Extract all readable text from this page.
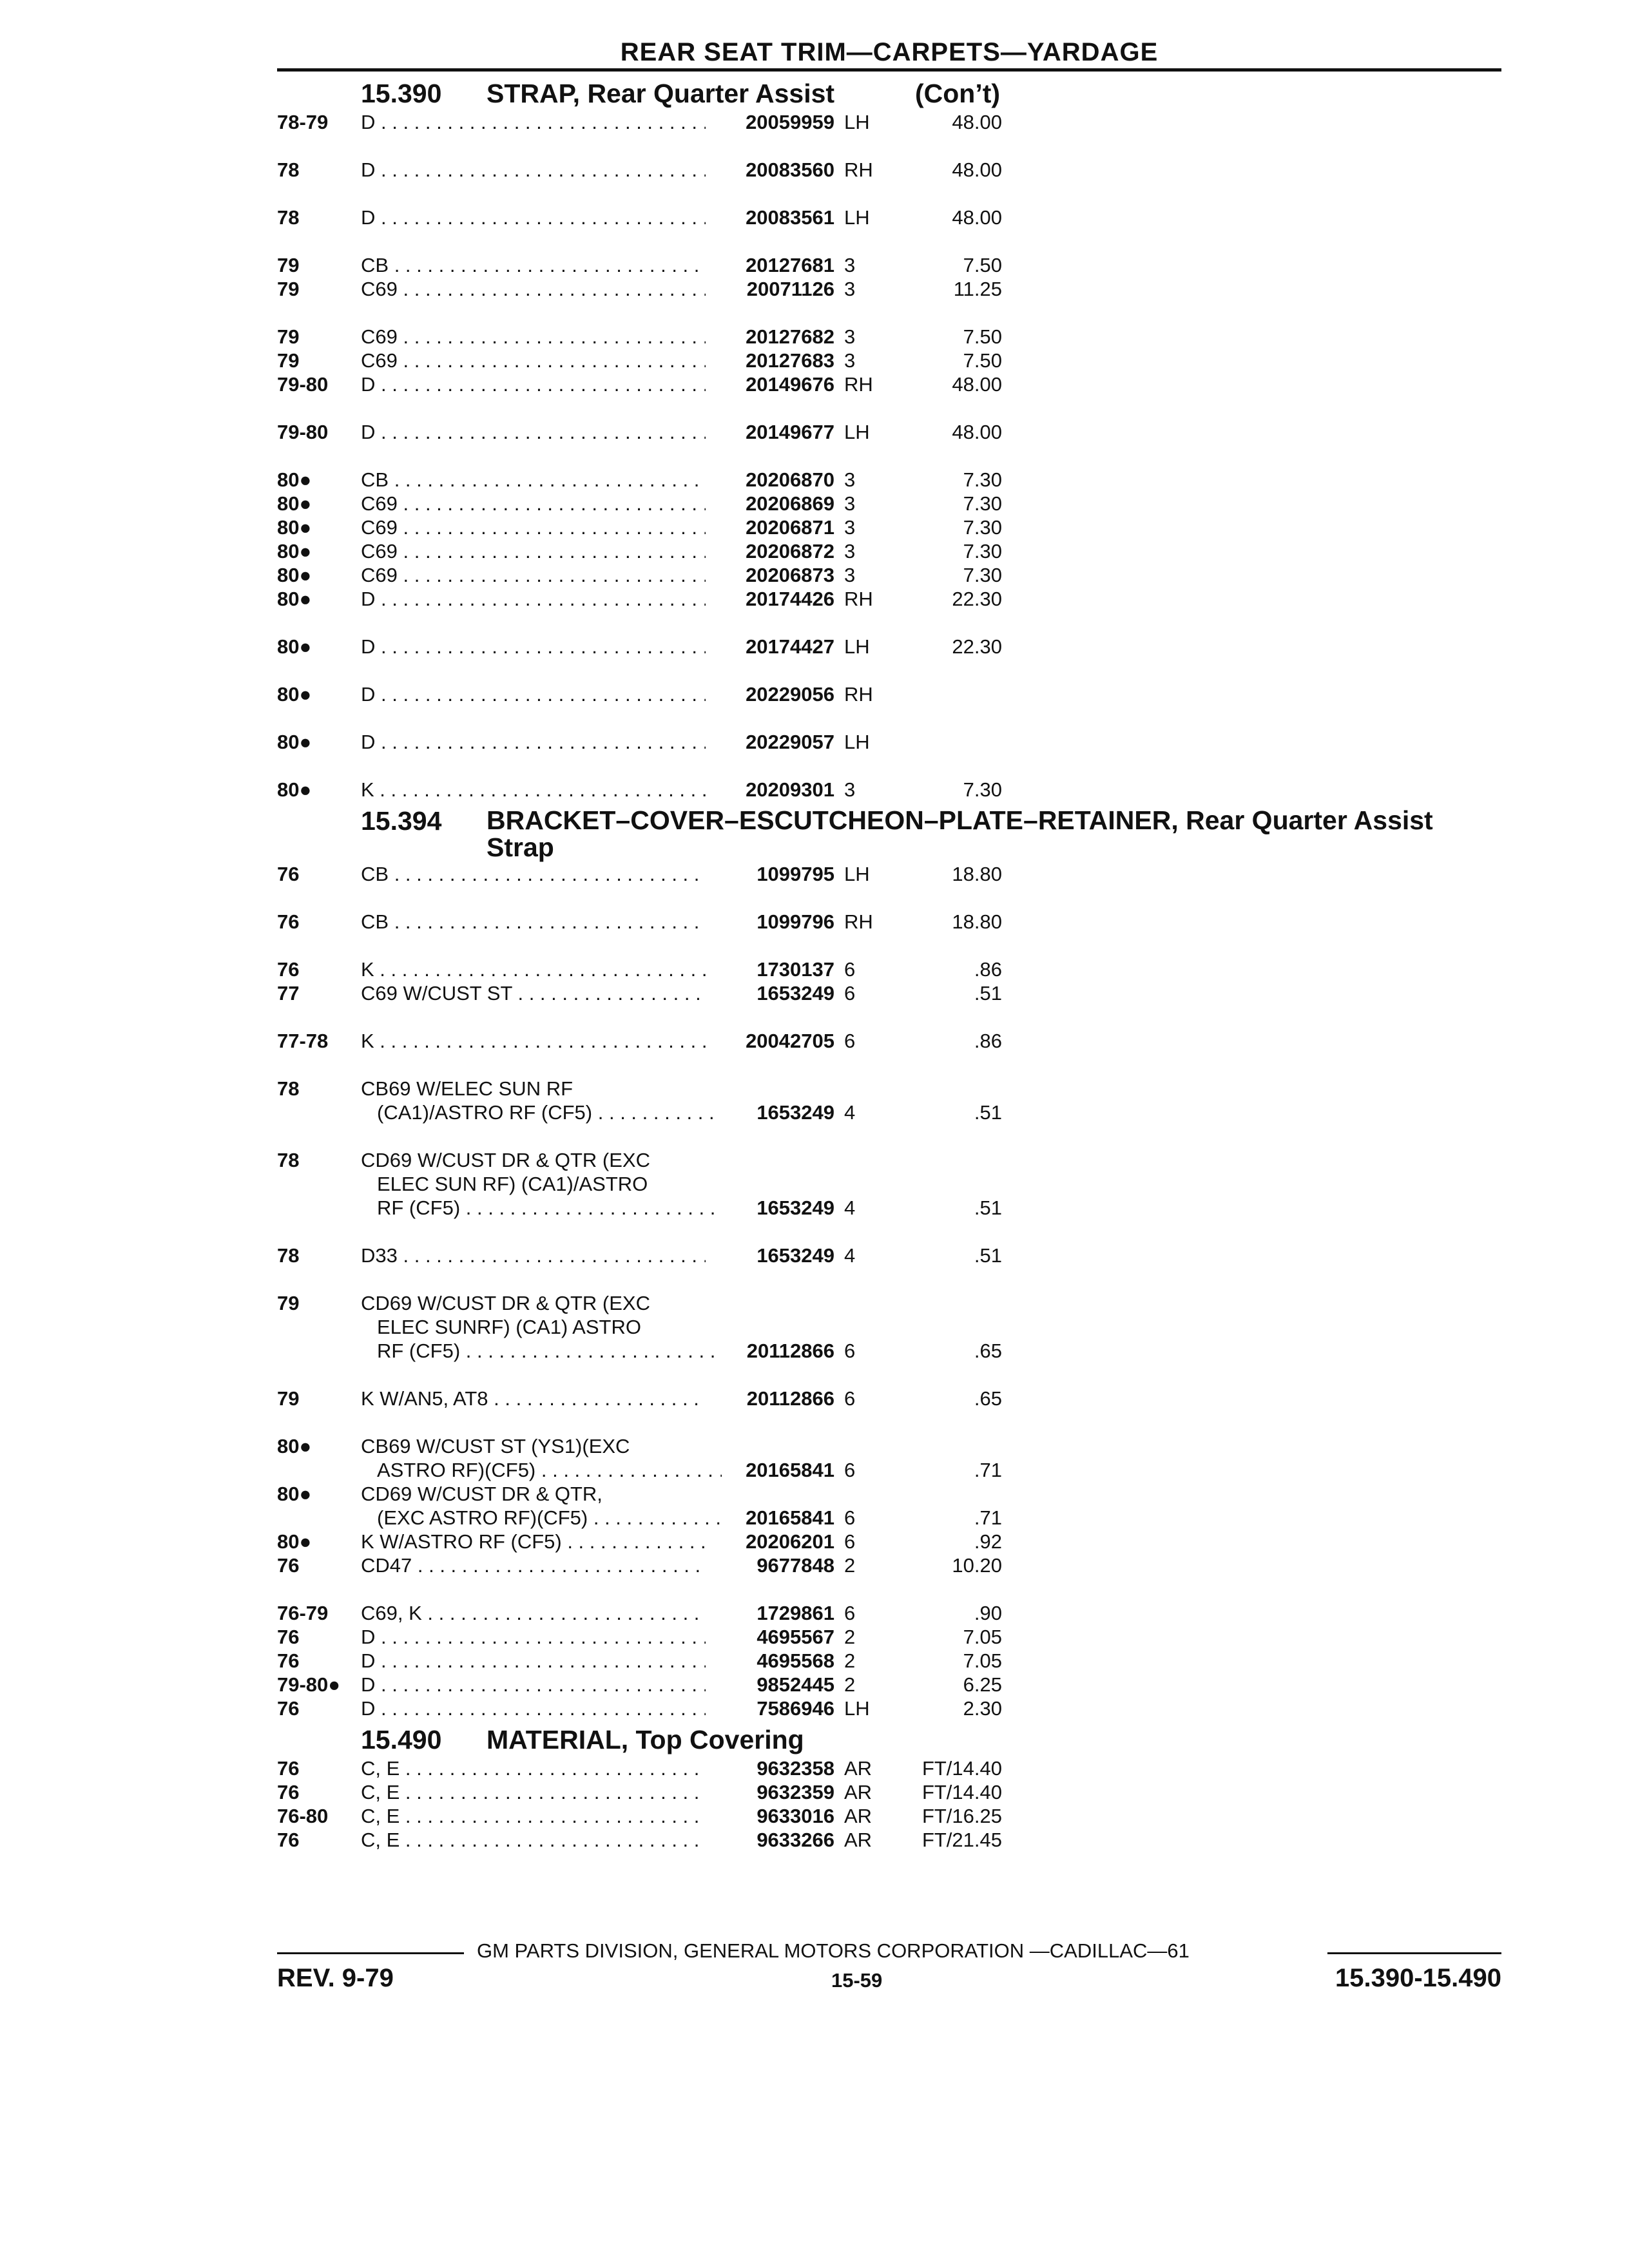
REAR SEAT TRIM—CARPETS—YARDAGE
15.390 STRAP, Rear Quarter Assist	(Con’t)
78-79	D . . .	20059959 LH	48.00
78	D . . .	20083560 RH	48.00
78	D . . .	20083561 LH	48.00
79	CB . . .	20127681 3	7.50
79	C69 . . .	20071126 3	11.25
79	C69 . . .	20127682 3	7.50
79	C69 . . .	20127683 3	7.50
79-80	D . . .	20149676 RH	48.00
79-80	D . . .	20149677 LH	48.00
80●	CB . . .	20206870 3	7.30
80●	C69 . . .	20206869 3	7.30
80●	C69 . . .	20206871 3	7.30
80●	C69 . . .	20206872 3	7.30
80●	C69 . . .	20206873 3	7.30
80●	D . . .	20174426 RH	22.30
80●	D . . .	20174427 LH	22.30
80●	D . . .	20229056 RH
80●	D . . .	20229057 LH
80●	K . . .	20209301 3	7.30
15.394 BRACKET–COVER–ESCUTCHEON–PLATE–RETAINER, Rear Quarter Assist Strap
76	CB . . .	1099795 LH	18.80
76	CB . . .	1099796 RH	18.80
76	K . . .	1730137 6	.86
77	C69 W/CUST ST . . .	1653249 6	.51
77-78	K . . .	20042705 6	.86
78	CB69 W/ELEC SUN RF
(CA1)/ASTRO RF (CF5) . . .	1653249 4	.51
78	CD69 W/CUST DR & QTR (EXC
ELEC SUN RF) (CA1)/ASTRO
RF (CF5) . . .	1653249 4	.51
78	D33 . . .	1653249 4	.51
79	CD69 W/CUST DR & QTR (EXC
ELEC SUNRF) (CA1) ASTRO
RF (CF5) . . .	20112866 6	.65
79	K W/AN5, AT8 . . .	20112866 6	.65
80●	CB69 W/CUST ST (YS1)(EXC
ASTRO RF)(CF5) . . .	20165841 6	.71
80●	CD69 W/CUST DR & QTR,
(EXC ASTRO RF)(CF5) . . .	20165841 6	.71
80●	K W/ASTRO RF (CF5) . . .	20206201 6	.92
76	CD47 . . .	9677848 2	10.20
76-79	C69, K . . .	1729861 6	.90
76	D . . .	4695567 2	7.05
76	D . . .	4695568 2	7.05
79-80●	D . . .	9852445 2	6.25
76	D . . .	7586946 LH	2.30
15.490 MATERIAL, Top Covering
76	C, E . . .	9632358 AR	FT/14.40
76	C, E . . .	9632359 AR	FT/14.40
76-80	C, E . . .	9633016 AR	FT/16.25
76	C, E . . .	9633266 AR	FT/21.45
GM PARTS DIVISION, GENERAL MOTORS CORPORATION —CADILLAC—61
REV. 9-79	15-59	15.390-15.490
